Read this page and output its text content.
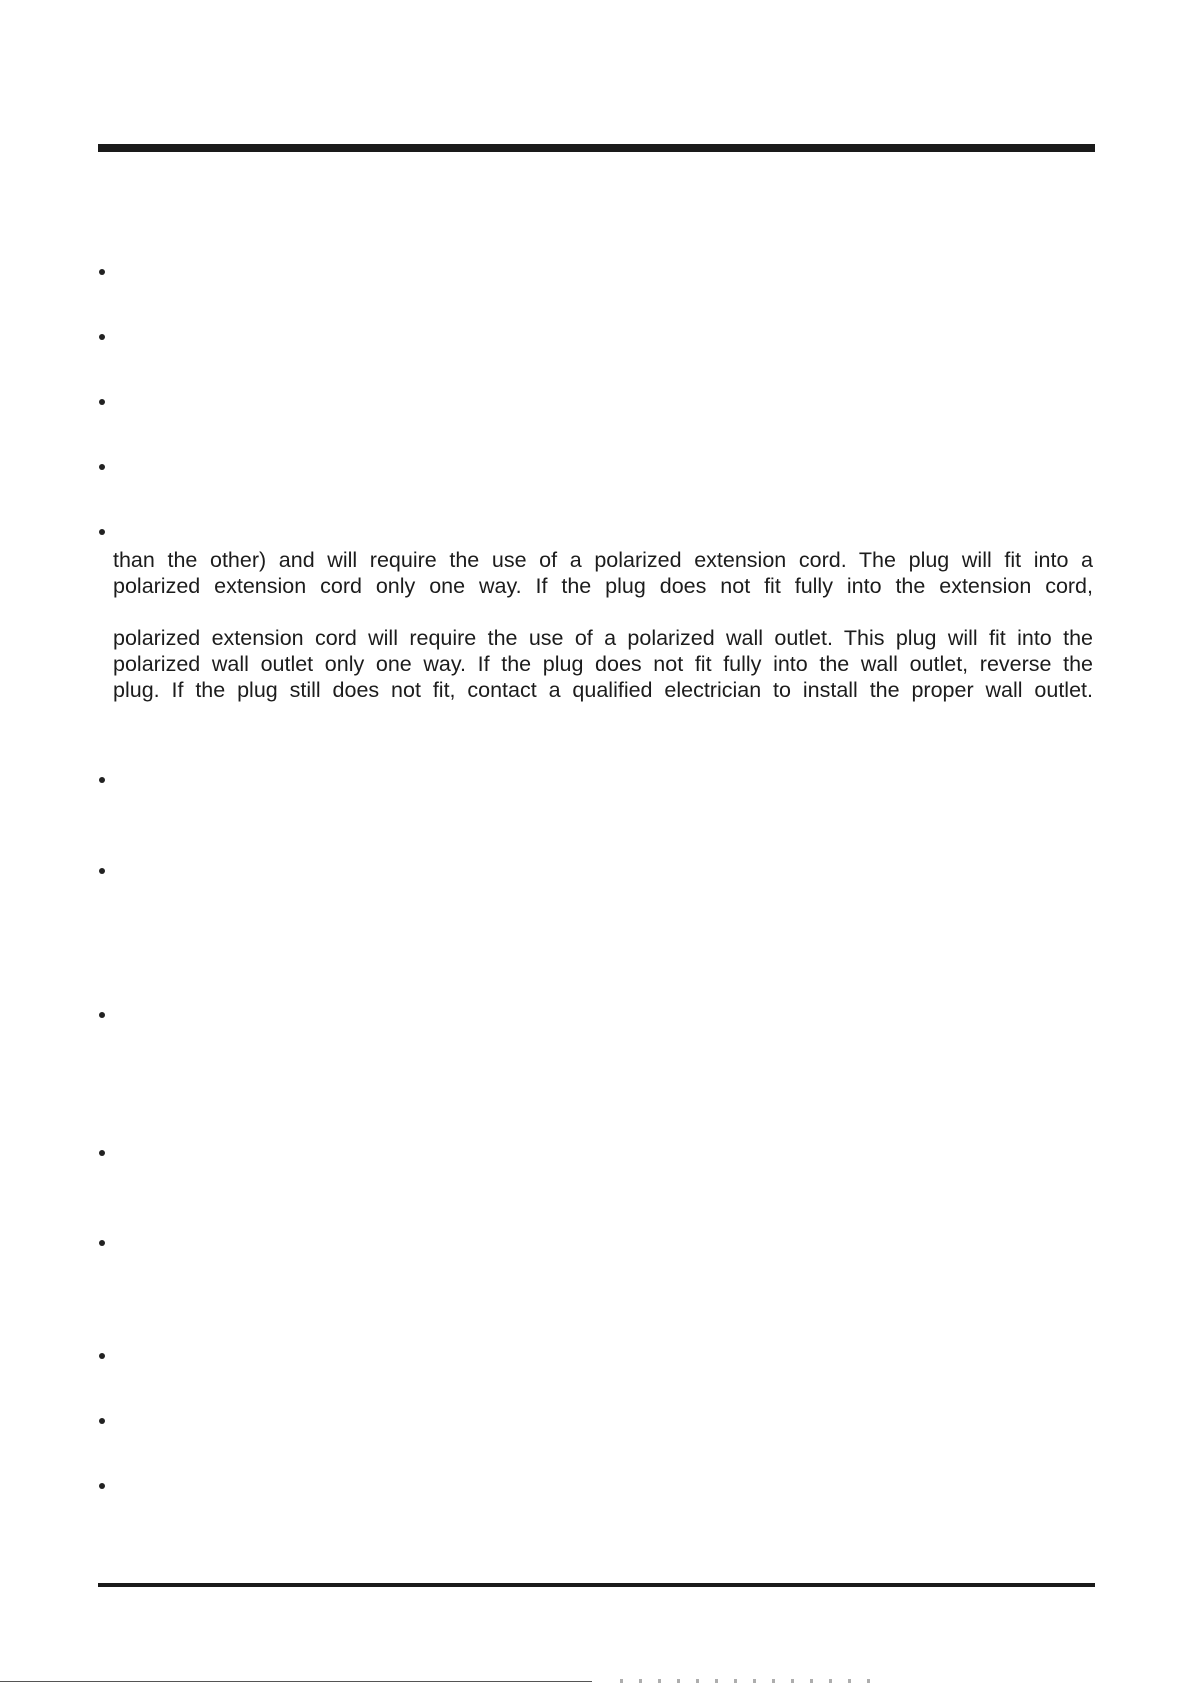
than the other) and will require the use of a polarized extension cord. The plug will fit into a
polarized extension cord only one way. If the plug does not fit fully into the extension cord,

polarized extension cord will require the use of a polarized wall outlet. This plug will fit into the
polarized wall outlet only one way. If the plug does not fit fully into the wall outlet, reverse the
plug. If the plug still does not fit, contact a qualified electrician to install the proper wall outlet.
